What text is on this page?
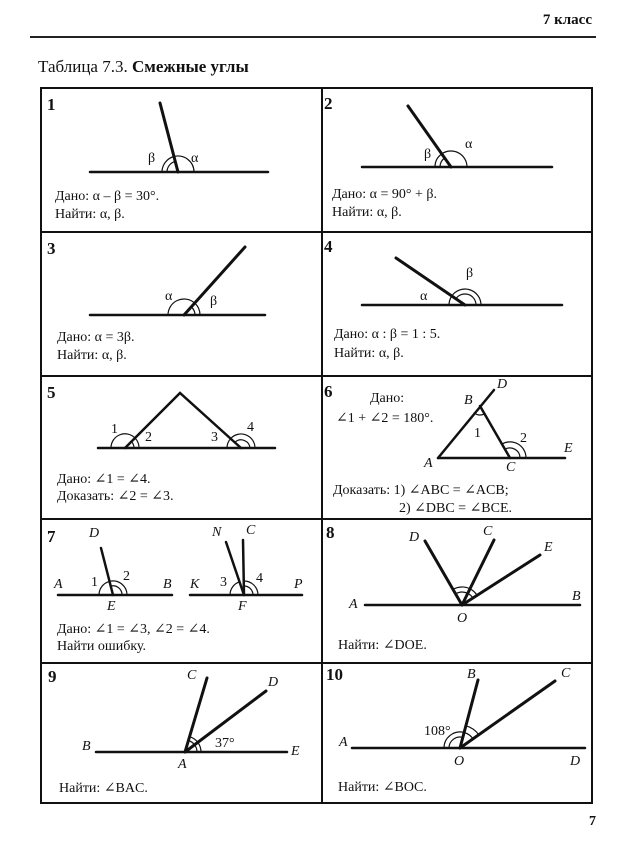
7 класс
Таблица 7.3. Смежные углы
1
β	α
Дано: α – β = 30°.
Найти: α, β.
2
β
α
Дано: α = 90° + β.
Найти: α, β.
3
α	β
Дано: α = 3β.
Найти: α, β.
4
α
β
Дано: α : β = 1 : 5.
Найти: α, β.
5
1
2	3
4
Дано: ∠1 = ∠4.
Доказать: ∠2 = ∠3.
6	Дано:
∠1 + ∠2 = 180°.
D
B
1	2
A	C
E
Доказать: 1) ∠ABC = ∠ACB;
2) ∠DBC = ∠BCE.
7 D
A 1 2
B
E
N C
K 3 4 P
F
Дано: ∠1 = ∠3, ∠2 = ∠4.
Найти ошибку.
8	D	C
E
A
B
O
Найти: ∠DOE.
9	C	D
37°
B
A
E
Найти: ∠BAC.
10	B	C
108°
A
O	D
Найти: ∠BOC.
7
